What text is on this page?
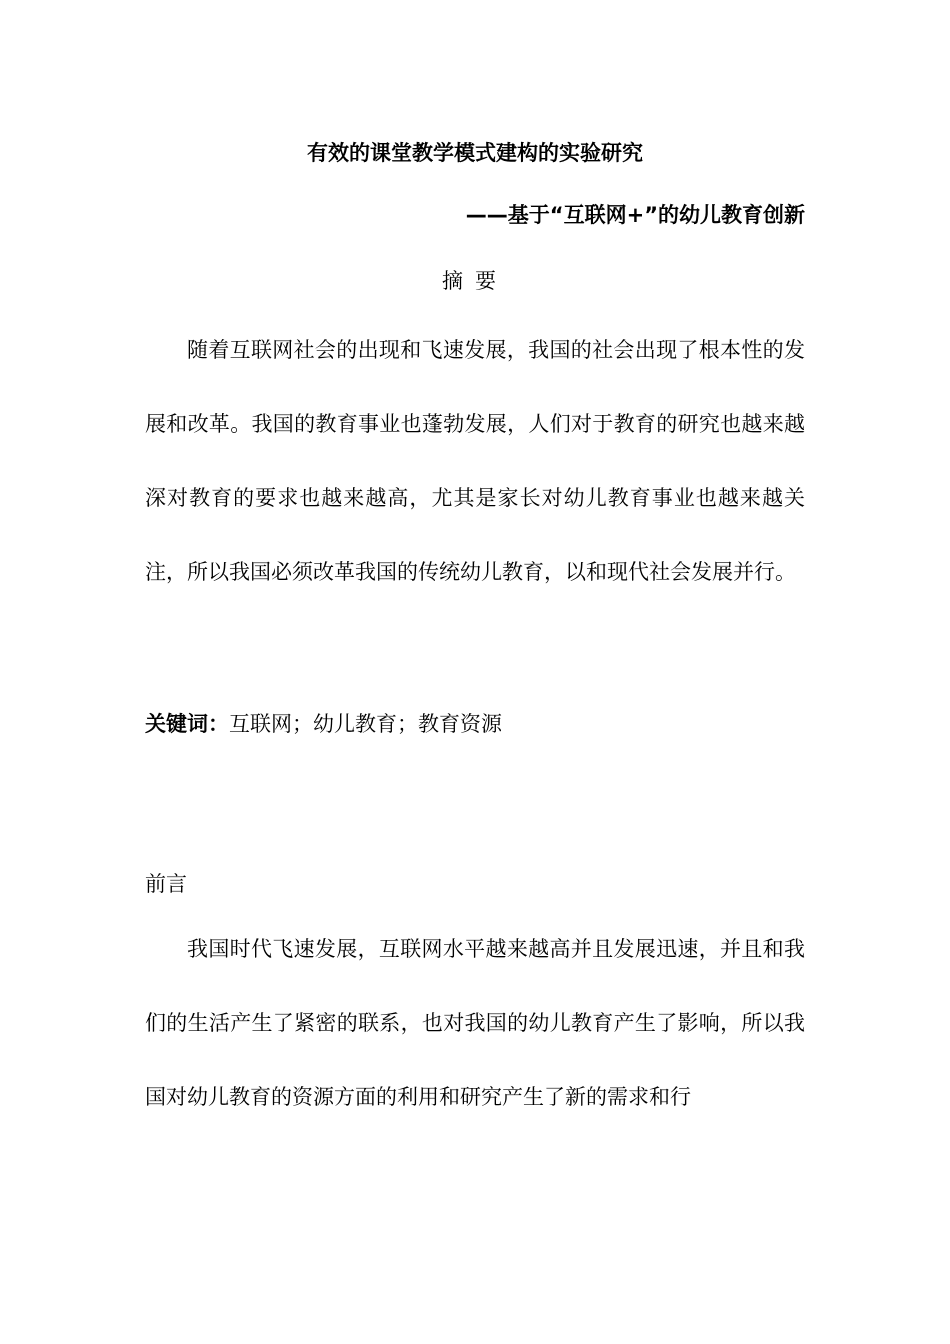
有效的课堂教学模式建构的实验研究
——基于“互联网+”的幼儿教育创新
摘要

随着互联网社会的出现和飞速发展，我国的社会出现了根本性的发展和改革。我国的教育事业也蓬勃发展，人们对于教育的研究也越来越深对教育的要求也越来越高，尤其是家长对幼儿教育事业也越来越关注，所以我国必须改革我国的传统幼儿教育，以和现代社会发展并行。

关键词：互联网；幼儿教育；教育资源
前言

我国时代飞速发展，互联网水平越来越高并且发展迅速，并且和我们的生活产生了紧密的联系，也对我国的幼儿教育产生了影响，所以我国对幼儿教育的资源方面的利用和研究产生了新的需求和行
